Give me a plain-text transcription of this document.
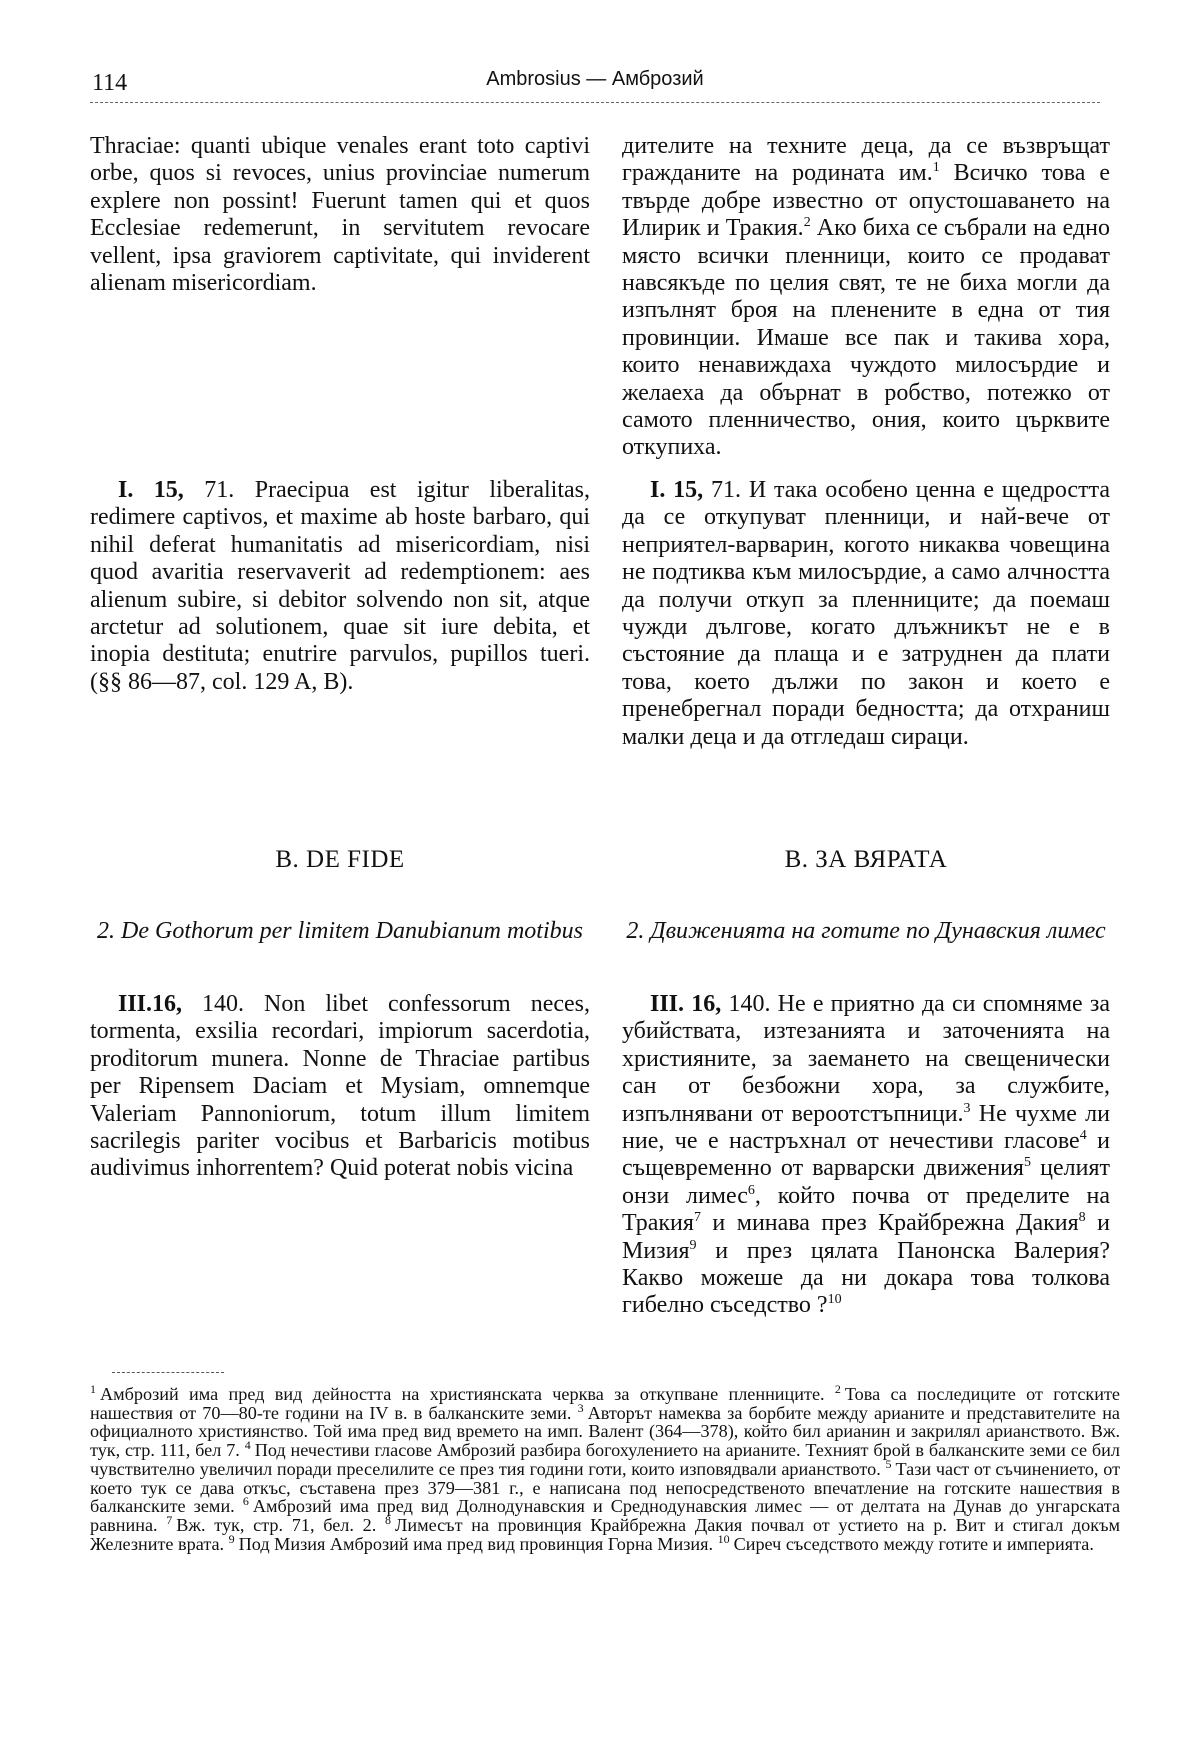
114	Ambrosius — Амброзий

Thraciae: quanti ubique venales erant toto captivi orbe, quos si revoces, unius provinciae numerum explere non possint! Fuerunt tamen qui et quos Ecclesiae redemerunt, in servitutem revocare vellent, ipsa graviorem captivitate, qui inviderent alienam misericordiam.

I. 15, 71. Praecipua est igitur liberalitas, redimere captivos, et maxime ab hoste barbaro, qui nihil deferat humanitatis ad misericordiam, nisi quod avaritia reservaverit ad redemptionem: aes alienum subire, si debitor solvendo non sit, atque arctetur ad solutionem, quae sit iure debita, et inopia destituta; enutrire parvulos, pupillos tueri. (§§ 86—87, col. 129 A, B).

B. DE FIDE
2. De Gothorum per limitem Danubianum motibus

III.16, 140. Non libet confessorum neces, tormenta, exsilia recordari, impiorum sacerdotia, proditorum munera. Nonne de Thraciae partibus per Ripensem Daciam et Mysiam, omnemque Valeriam Pannoniorum, totum illum limitem sacrilegis pariter vocibus et Barbaricis motibus audivimus inhorrentem? Quid poterat nobis vicina

дителите на техните деца, да се възвръщат гражданите на родината им.$^1$ Всичко това е твърде добре известно от опустошаването на Илирик и Тракия.$^2$ Ако биха се събрали на едно място всички пленници, които се продават навсякъде по целия свят, те не биха могли да изпълнят броя на пленените в една от тия провинции. Имаше все пак и такива хора, които ненавиждаха чуждото милосърдие и желаеха да обърнат в робство, потежко от самото пленничество, ония, които църквите откупиха.

I. 15, 71. И така особено ценна е щедростта да се откупуват пленници, и най-вече от неприятел-варварин, когото никаква човещина не подтиква към милосърдие, а само алчността да получи откуп за пленниците; да поемаш чужди дългове, когато длъжникът не е в състояние да плаща и е затруднен да плати това, което дължи по закон и което е пренебрегнал поради бедността; да отхраниш малки деца и да отгледаш сираци.

В. ЗА ВЯРАТА
2. Движенията на готите по Дунавския лимес

III. 16, 140. Не е приятно да си спомняме за убийствата, изтезанията и заточенията на християните, за заемането на свещенически сан от безбожни хора, за службите, изпълнявани от вероотстъпници.$^3$ Не чухме ли ние, че е настръхнал от нечестиви гласове$^4$ и същевременно от варварски движения$^5$ целият онзи лимес$^6$, който почва от пределите на Тракия$^7$ и минава през Крайбрежна Дакия$^8$ и Мизия$^9$ и през цялата Панонска Валерия? Какво можеше да ни докара това толкова гибелно съседство ?$^{10}$

$^1$ Амброзий има пред вид дейността на християнската черква за откупване пленниците. $^2$ Това са последиците от готските нашествия от 70—80-те години на IV в. в балканските земи. $^3$ Авторът намеква за борбите между арианите и представителите на официалното християнство. Той има пред вид времето на имп. Валент (364—378), който бил арианин и закрилял арианството. Вж. тук, стр. 111, бел 7. $^4$ Под нечестиви гласове Амброзий разбира богохулението на арианите. Техният брой в балканските земи се бил чувствително увеличил поради преселилите се през тия години готи, които изповядвали арианството. $^5$ Тази част от съчинението, от което тук се дава откъс, съставена през 379—381 г., е написана под непосредственото впечатление на готските нашествия в балканските земи. $^6$ Амброзий има пред вид Долнодунавския и Среднодунавския лимес — от делтата на Дунав до унгарската равнина. $^7$ Вж. тук, стр. 71, бел. 2. $^8$ Лимесът на провинция Крайбрежна Дакия почвал от устието на р. Вит и стигал докъм Железните врата. $^9$ Под Мизия Амброзий има пред вид провинция Горна Мизия. $^{10}$ Сиреч съседството между готите и империята.
